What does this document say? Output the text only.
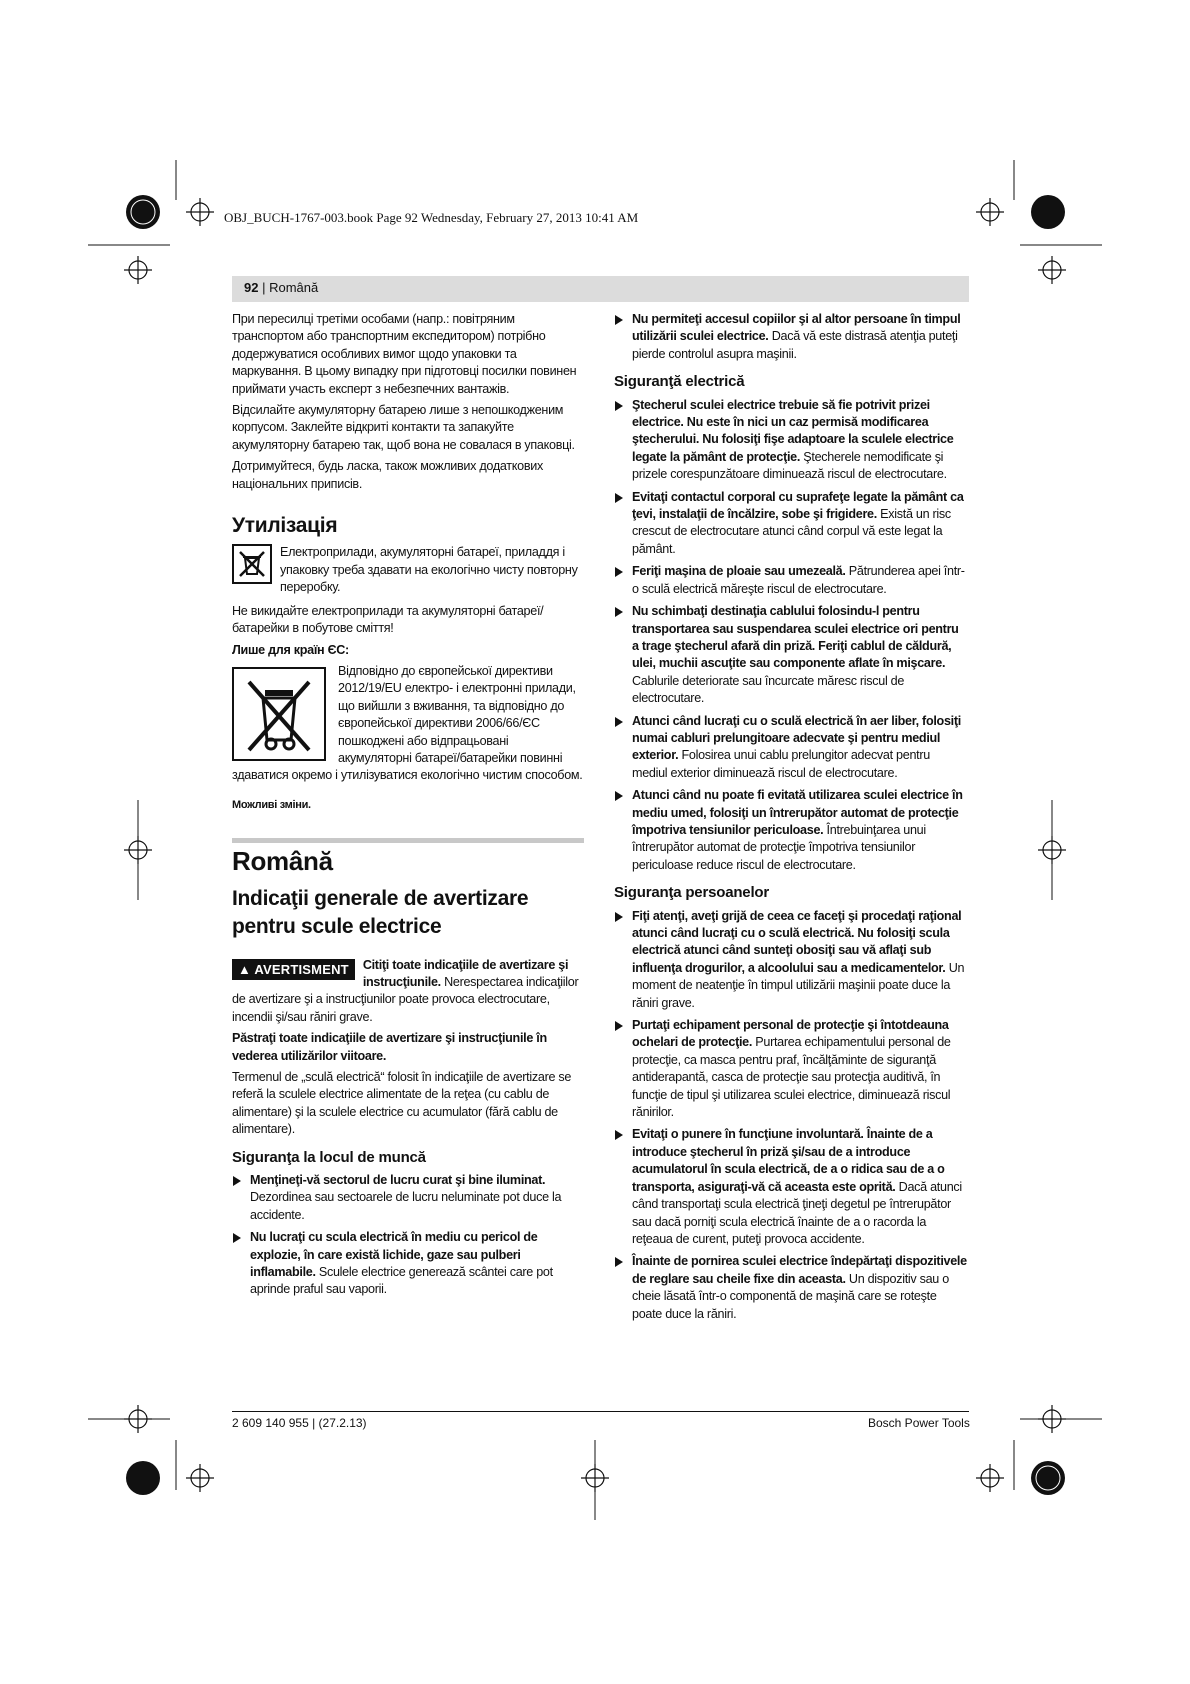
OBJ_BUCH-1767-003.book Page 92 Wednesday, February 27, 2013 10:41 AM
92 | Română

При пересилці третіми особами (напр.: повітряним транспортом або транспортним експедитором) потрібно додержуватися особливих вимог щодо упаковки та маркування. В цьому випадку при підготовці посилки повинен приймати участь експерт з небезпечних вантажів.

Відсилайте акумуляторну батарею лише з непошкодженим корпусом. Заклейте відкриті контакти та запакуйте акумуляторну батарею так, щоб вона не совалася в упаковці.

Дотримуйтеся, будь ласка, також можливих додаткових національних приписів.

Утилізація
Електроприлади, акумуляторні батареї, приладдя і упаковку треба здавати на екологічно чисту повторну переробку.

Не викидайте електроприлади та акумуляторні батареї/батарейки в побутове сміття!

Лише для країн ЄС:

Відповідно до європейської директиви 2012/19/EU електро- і електронні прилади, що вийшли з вживання, та відповідно до європейської директиви 2006/66/ЄС пошкоджені або відпрацьовані акумуляторні батареї/батарейки повинні здаватися окремо і утилізуватися екологічно чистим способом.

Можливі зміни.

Română
Indicaţii generale de avertizare pentru scule electrice

▲ AVERTISMENT	Citiţi toate indicaţiile de avertizare şi instrucţiunile. Nerespectarea indicaţiilor de avertizare şi a instrucţiunilor poate provoca electrocutare, incendii şi/sau răniri grave.

Păstraţi toate indicaţiile de avertizare şi instrucţiunile în vederea utilizărilor viitoare.

Termenul de „sculă electrică“ folosit în indicaţiile de avertizare se referă la sculele electrice alimentate de la reţea (cu cablu de alimentare) şi la sculele electrice cu acumulator (fără cablu de alimentare).

Siguranţa la locul de muncă
Menţineţi-vă sectorul de lucru curat şi bine iluminat. Dezordinea sau sectoarele de lucru neluminate pot duce la accidente.
Nu lucraţi cu scula electrică în mediu cu pericol de explozie, în care există lichide, gaze sau pulberi inflamabile. Sculele electrice generează scântei care pot aprinde praful sau vaporii.
Nu permiteţi accesul copiilor şi al altor persoane în timpul utilizării sculei electrice. Dacă vă este distrasă atenţia puteţi pierde controlul asupra maşinii.
Siguranţă electrică
Ştecherul sculei electrice trebuie să fie potrivit prizei electrice. Nu este în nici un caz permisă modificarea ştecherului. Nu folosiţi fişe adaptoare la sculele electrice legate la pământ de protecţie. Ştecherele nemodificate şi prizele corespunzătoare diminuează riscul de electrocutare.
Evitaţi contactul corporal cu suprafeţe legate la pământ ca ţevi, instalaţii de încălzire, sobe şi frigidere. Există un risc crescut de electrocutare atunci când corpul vă este legat la pământ.
Feriţi maşina de ploaie sau umezeală. Pătrunderea apei într-o sculă electrică măreşte riscul de electrocutare.
Nu schimbaţi destinaţia cablului folosindu-l pentru transportarea sau suspendarea sculei electrice ori pentru a trage ştecherul afară din priză. Feriţi cablul de căldură, ulei, muchii ascuţite sau componente aflate în mişcare. Cablurile deteriorate sau încurcate măresc riscul de electrocutare.
Atunci când lucraţi cu o sculă electrică în aer liber, folosiţi numai cabluri prelungitoare adecvate şi pentru mediul exterior. Folosirea unui cablu prelungitor adecvat pentru mediul exterior diminuează riscul de electrocutare.
Atunci când nu poate fi evitată utilizarea sculei electrice în mediu umed, folosiţi un întrerupător automat de protecţie împotriva tensiunilor periculoase. Întrebuinţarea unui întrerupător automat de protecţie împotriva tensiunilor periculoase reduce riscul de electrocutare.
Siguranţa persoanelor
Fiţi atenţi, aveţi grijă de ceea ce faceţi şi procedaţi raţional atunci când lucraţi cu o sculă electrică. Nu folosiţi scula electrică atunci când sunteţi obosiţi sau vă aflaţi sub influenţa drogurilor, a alcoolului sau a medicamentelor. Un moment de neatenţie în timpul utilizării maşinii poate duce la răniri grave.
Purtaţi echipament personal de protecţie şi întotdeauna ochelari de protecţie. Purtarea echipamentului personal de protecţie, ca masca pentru praf, încălţăminte de siguranţă antiderapantă, casca de protecţie sau protecţia auditivă, în funcţie de tipul şi utilizarea sculei electrice, diminuează riscul rănirilor.
Evitaţi o punere în funcţiune involuntară. Înainte de a introduce ştecherul în priză şi/sau de a introduce acumulatorul în scula electrică, de a o ridica sau de a o transporta, asiguraţi-vă că aceasta este oprită. Dacă atunci când transportaţi scula electrică ţineţi degetul pe întrerupător sau dacă porniţi scula electrică înainte de a o racorda la reţeaua de curent, puteţi provoca accidente.
Înainte de pornirea sculei electrice îndepărtaţi dispozitivele de reglare sau cheile fixe din aceasta. Un dispozitiv sau o cheie lăsată într-o componentă de maşină care se roteşte poate duce la răniri.
2 609 140 955 | (27.2.13)	Bosch Power Tools
